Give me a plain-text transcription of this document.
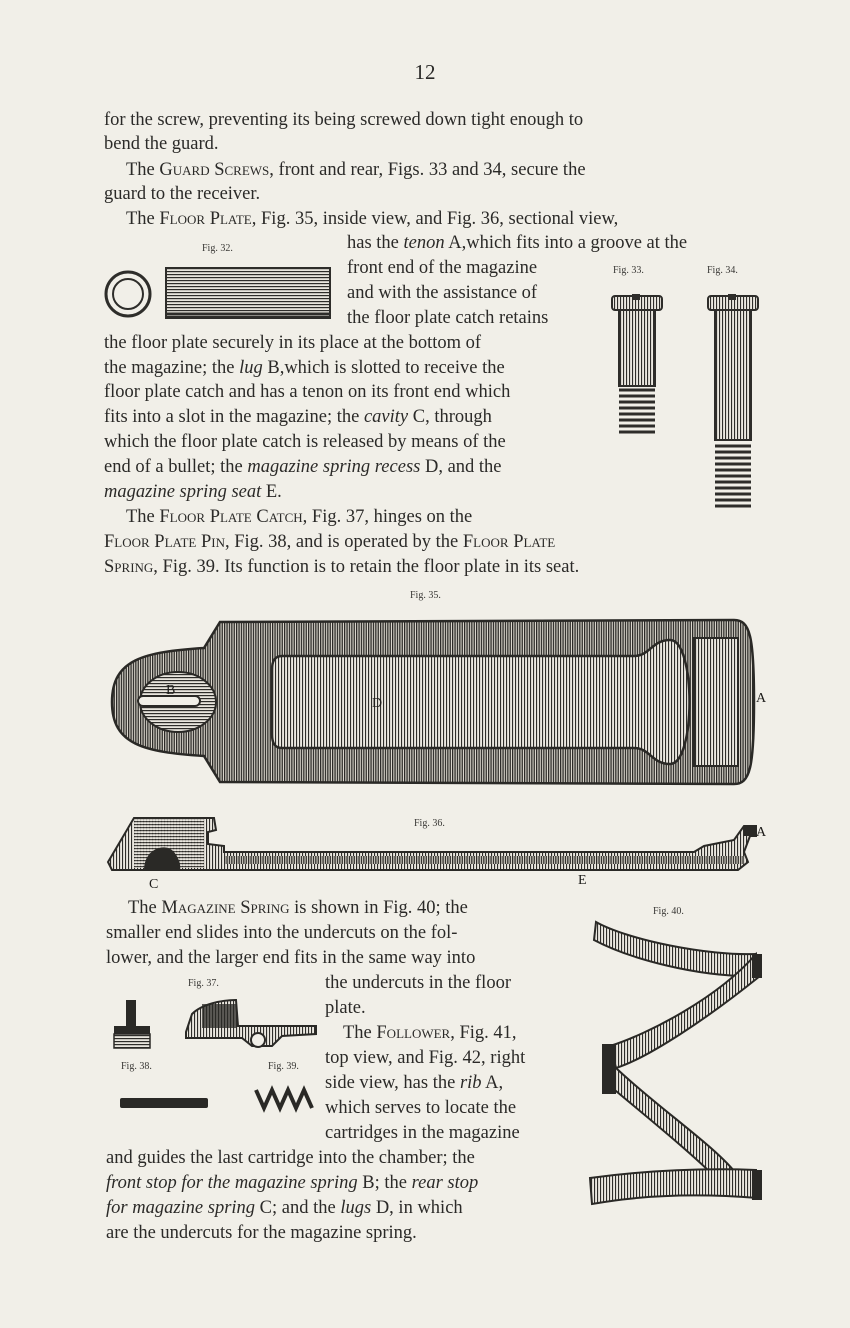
12
for the screw, preventing its being screwed down tight enough to
bend the guard.
The Guard Screws, front and rear, Figs. 33 and 34, secure the
guard to the receiver.
The Floor Plate, Fig. 35, inside view, and Fig. 36, sectional view,
has the tenon A,which fits into a groove at the
front end of the magazine
and with the assistance of
the floor plate catch retains
the floor plate securely in its place at the bottom of
the magazine; the lug B,which is slotted to receive the
floor plate catch and has a tenon on its front end which
fits into a slot in the magazine; the cavity C, through
which the floor plate catch is released by means of the
end of a bullet; the magazine spring recess D, and the
magazine spring seat E.
The Floor Plate Catch, Fig. 37, hinges on the
Floor Plate Pin, Fig. 38, and is operated by the Floor Plate
Spring, Fig. 39. Its function is to retain the floor plate in its seat.
The Magazine Spring is shown in Fig. 40; the
smaller end slides into the undercuts on the fol-
lower, and the larger end fits in the same way into
the undercuts in the floor
plate.
The Follower, Fig. 41,
top view, and Fig. 42, right
side view, has the rib A,
which serves to locate the
cartridges in the magazine
and guides the last cartridge into the chamber; the
front stop for the magazine spring B; the rear stop
for magazine spring C; and the lugs D, in which
are the undercuts for the magazine spring.
Fig. 32.
Fig. 33.	Fig. 34.
Fig. 35.
Fig. 36.
Fig. 40.
Fig. 37.
Fig. 38.	Fig. 39.
B
D	A
C	E
A
